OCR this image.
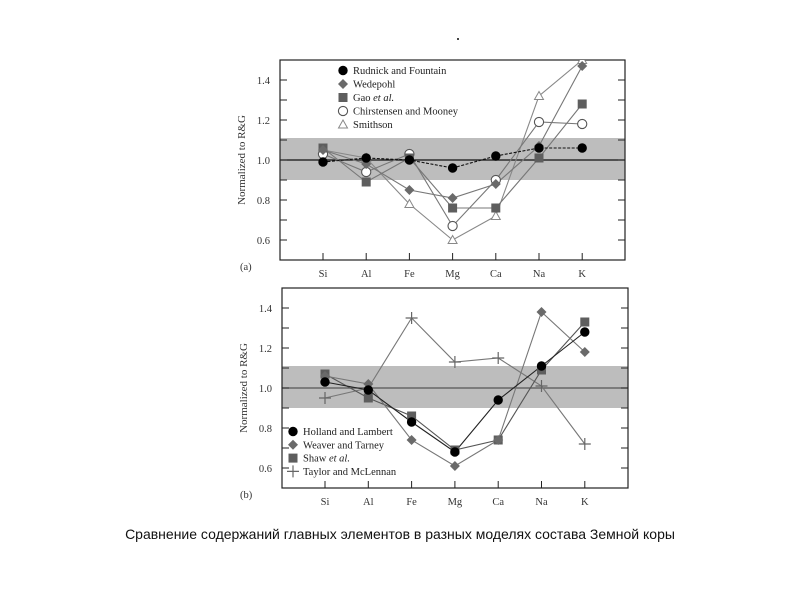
0.6
0.8
1.0
1.2
1.4
Si	Al	Fe	Mg	Ca	Na	K
Normalized to R&G
(a)
Rudnick and Fountain
Wedepohl
Gao et al.
Chirstensen and Mooney
Smithson
0.6
0.8
1.0
1.2
1.4
Si	Al	Fe	Mg	Ca	Na	K
Normalized to R&G
(b)
Holland and Lambert
Weaver and Tarney
Shaw et al.
Taylor and McLennan
Сравнение содержаний главных элементов в разных моделях состава Земной коры
